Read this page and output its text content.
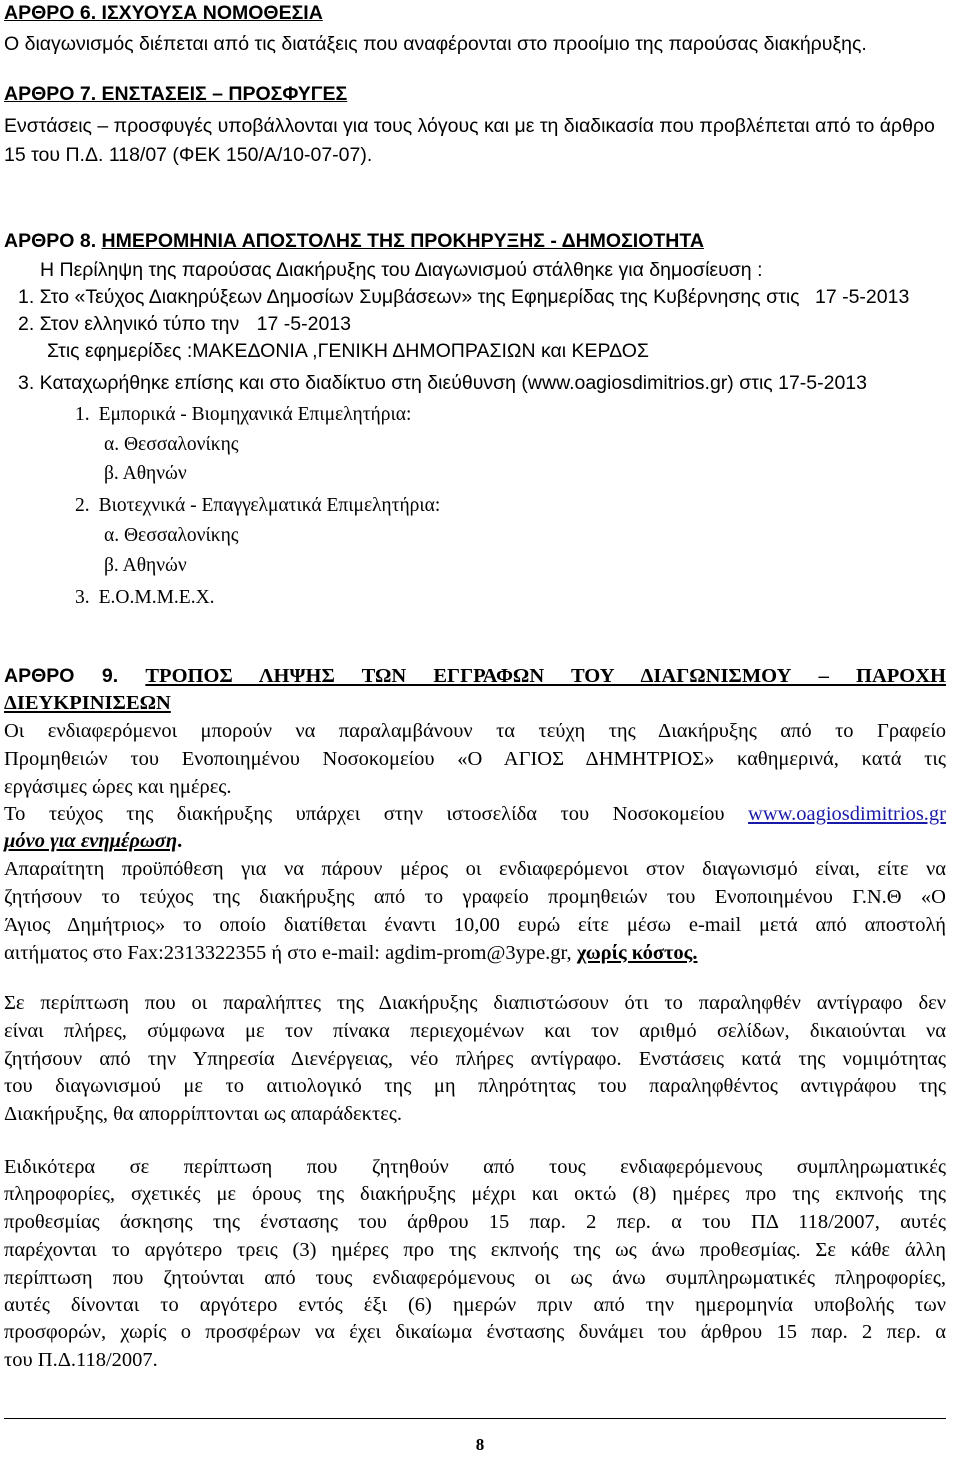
ΑΡΘΡΟ 6. ΙΣΧΥΟΥΣΑ ΝΟΜΟΘΕΣΙΑ
Ο διαγωνισμός διέπεται από τις διατάξεις που αναφέρονται στο προοίμιο της παρούσας διακήρυξης.
ΑΡΘΡΟ 7. ΕΝΣΤΑΣΕΙΣ – ΠΡΟΣΦΥΓΕΣ
Ενστάσεις – προσφυγές υποβάλλονται για τους λόγους και με τη διαδικασία που προβλέπεται από το άρθρο
15 του Π.Δ. 118/07 (ΦΕΚ 150/Α/10-07-07).
ΑΡΘΡΟ 8. ΗΜΕΡΟΜΗΝΙΑ ΑΠΟΣΤΟΛΗΣ ΤΗΣ ΠΡΟΚΗΡΥΞΗΣ - ΔΗΜΟΣΙΟΤΗΤΑ
Η Περίληψη της παρούσας Διακήρυξης του Διαγωνισμού στάλθηκε για δημοσίευση :
1. Στο «Τεύχος Διακηρύξεων Δημοσίων Συμβάσεων» της Εφημερίδας της Κυβέρνησης στις 17 -5-2013
2. Στον ελληνικό τύπο την 17 -5-2013
Στις εφημερίδες :ΜΑΚΕΔΟΝΙΑ ,ΓΕΝΙΚΗ ΔΗΜΟΠΡΑΣΙΩΝ και ΚΕΡΔΟΣ
3. Καταχωρήθηκε επίσης και στο διαδίκτυο στη διεύθυνση (www.oagiosdimitrios.gr) στις 17-5-2013
1. Εμπορικά - Βιομηχανικά Επιμελητήρια:
α. Θεσσαλονίκης
β. Αθηνών
2. Βιοτεχνικά - Επαγγελματικά Επιμελητήρια:
α. Θεσσαλονίκης
β. Αθηνών
3. Ε.Ο.Μ.Μ.Ε.Χ.
ΑΡΘΡΟ 9. ΤΡΟΠΟΣ ΛΗΨΗΣ ΤΩΝ ΕΓΓΡΑΦΩΝ ΤΟΥ ΔΙΑΓΩΝΙΣΜΟΥ – ΠΑΡΟΧΗ
ΔΙΕΥΚΡΙΝΙΣΕΩΝ
Οι ενδιαφερόμενοι μπορούν να παραλαμβάνουν τα τεύχη της Διακήρυξης από το Γραφείο
Προμηθειών του Ενοποιημένου Νοσοκομείου «Ο ΑΓΙΟΣ ΔΗΜΗΤΡΙΟΣ» καθημερινά, κατά τις
εργάσιμες ώρες και ημέρες.
Το τεύχος της διακήρυξης υπάρχει στην ιστοσελίδα του Νοσοκομείου www.oagiosdimitrios.gr
μόνο για ενημέρωση.
Απαραίτητη προϋπόθεση για να πάρουν μέρος οι ενδιαφερόμενοι στον διαγωνισμό είναι, είτε να
ζητήσουν το τεύχος της διακήρυξης από το γραφείο προμηθειών του Ενοποιημένου Γ.Ν.Θ «Ο
Άγιος Δημήτριος» το οποίο διατίθεται έναντι 10,00 ευρώ είτε μέσω e-mail μετά από αποστολή
αιτήματος στο Fax:2313322355 ή στο e-mail: agdim-prom@3ype.gr, χωρίς κόστος.
Σε περίπτωση που οι παραλήπτες της Διακήρυξης διαπιστώσουν ότι το παραληφθέν αντίγραφο δεν
είναι πλήρες, σύμφωνα με τον πίνακα περιεχομένων και τον αριθμό σελίδων, δικαιούνται να
ζητήσουν από την Υπηρεσία Διενέργειας, νέο πλήρες αντίγραφο. Ενστάσεις κατά της νομιμότητας
του διαγωνισμού με το αιτιολογικό της μη πληρότητας του παραληφθέντος αντιγράφου της
Διακήρυξης, θα απορρίπτονται ως απαράδεκτες.
Ειδικότερα σε περίπτωση που ζητηθούν από τους ενδιαφερόμενους συμπληρωματικές
πληροφορίες, σχετικές με όρους της διακήρυξης μέχρι και οκτώ (8) ημέρες προ της εκπνοής της
προθεσμίας άσκησης της ένστασης του άρθρου 15 παρ. 2 περ. α του ΠΔ 118/2007, αυτές
παρέχονται το αργότερο τρεις (3) ημέρες προ της εκπνοής της ως άνω προθεσμίας. Σε κάθε άλλη
περίπτωση που ζητούνται από τους ενδιαφερόμενους οι ως άνω συμπληρωματικές πληροφορίες,
αυτές δίνονται το αργότερο εντός έξι (6) ημερών πριν από την ημερομηνία υποβολής των
προσφορών, χωρίς ο προσφέρων να έχει δικαίωμα ένστασης δυνάμει του άρθρου 15 παρ. 2 περ. α
του Π.Δ.118/2007.
8
